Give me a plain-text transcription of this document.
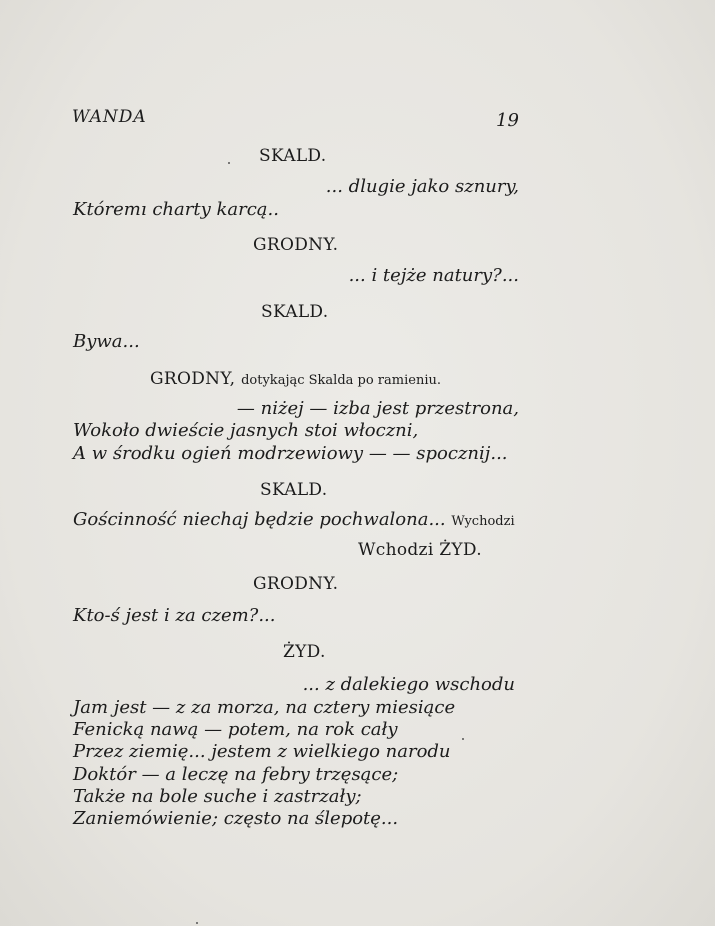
WANDA	19
SKALD.
... dlugie jako sznury,
Któremı charty karcą..
GRODNY.
... i tejże natury?...
SKALD.
Bywa...
GRODNY, dotykając Skalda po ramieniu.
— niżej — izba jest przestrona,
Wokoło dwieście jasnych stoi włoczni,
A w środku ogień modrzewiowy — — spocznij...
SKALD.
Gościnność niechaj będzie pochwalona... Wychodzi
Wchodzi ŻYD.
GRODNY.
Kto-ś jest i za czem?...
ŻYD.
... z dalekiego wschodu
Jam jest — z za morza, na cztery miesiące
Fenicką nawą — potem, na rok cały
Przez ziemię... jestem z wielkiego narodu
Doktór — a leczę na febry trzęsące;
Także na bole suche i zastrzały;
Zaniemówienie; często na ślepotę...
